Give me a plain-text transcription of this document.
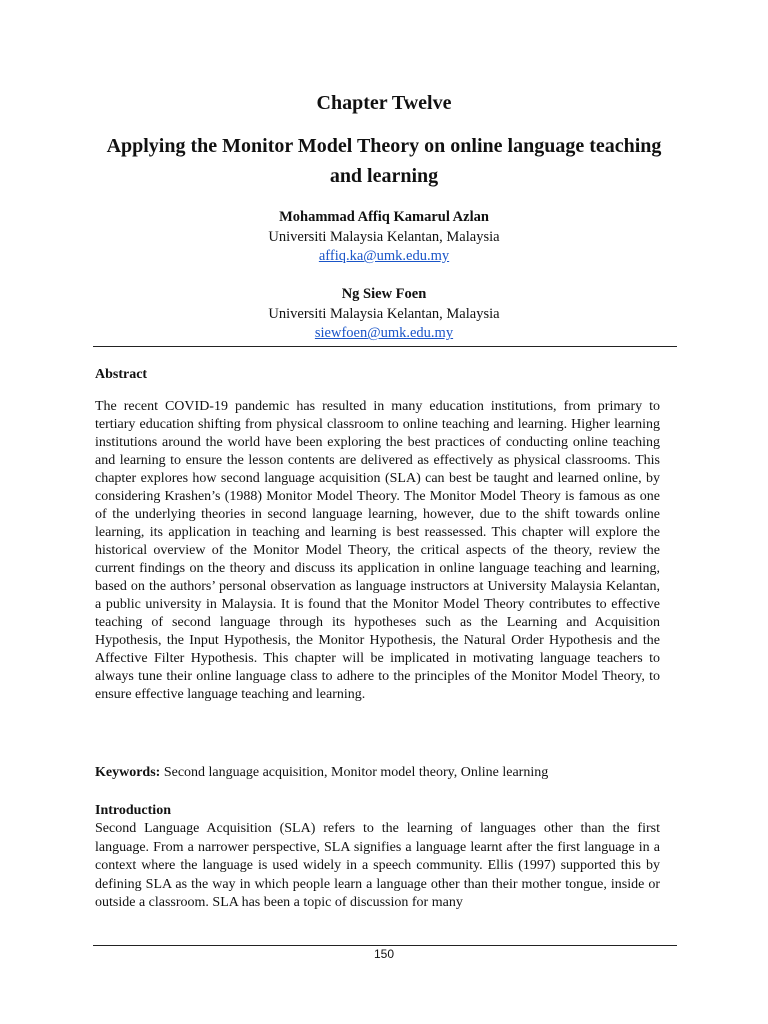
Chapter Twelve
Applying the Monitor Model Theory on online language teaching and learning
Mohammad Affiq Kamarul Azlan
Universiti Malaysia Kelantan, Malaysia
affiq.ka@umk.edu.my
Ng Siew Foen
Universiti Malaysia Kelantan, Malaysia
siewfoen@umk.edu.my
Abstract
The recent COVID-19 pandemic has resulted in many education institutions, from primary to tertiary education shifting from physical classroom to online teaching and learning. Higher learning institutions around the world have been exploring the best practices of conducting online teaching and learning to ensure the lesson contents are delivered as effectively as physical classrooms. This chapter explores how second language acquisition (SLA) can best be taught and learned online, by considering Krashen’s (1988) Monitor Model Theory. The Monitor Model Theory is famous as one of the underlying theories in second language learning, however, due to the shift towards online learning, its application in teaching and learning is best reassessed. This chapter will explore the historical overview of the Monitor Model Theory, the critical aspects of the theory, review the current findings on the theory and discuss its application in online language teaching and learning, based on the authors’ personal observation as language instructors at University Malaysia Kelantan, a public university in Malaysia. It is found that the Monitor Model Theory contributes to effective teaching of second language through its hypotheses such as the Learning and Acquisition Hypothesis, the Input Hypothesis, the Monitor Hypothesis, the Natural Order Hypothesis and the Affective Filter Hypothesis. This chapter will be implicated in motivating language teachers to always tune their online language class to adhere to the principles of the Monitor Model Theory, to ensure effective language teaching and learning.
Keywords: Second language acquisition, Monitor model theory, Online learning
Introduction
Second Language Acquisition (SLA) refers to the learning of languages other than the first language. From a narrower perspective, SLA signifies a language learnt after the first language in a context where the language is used widely in a speech community. Ellis (1997) supported this by defining SLA as the way in which people learn a language other than their mother tongue, inside or outside a classroom. SLA has been a topic of discussion for many
150
